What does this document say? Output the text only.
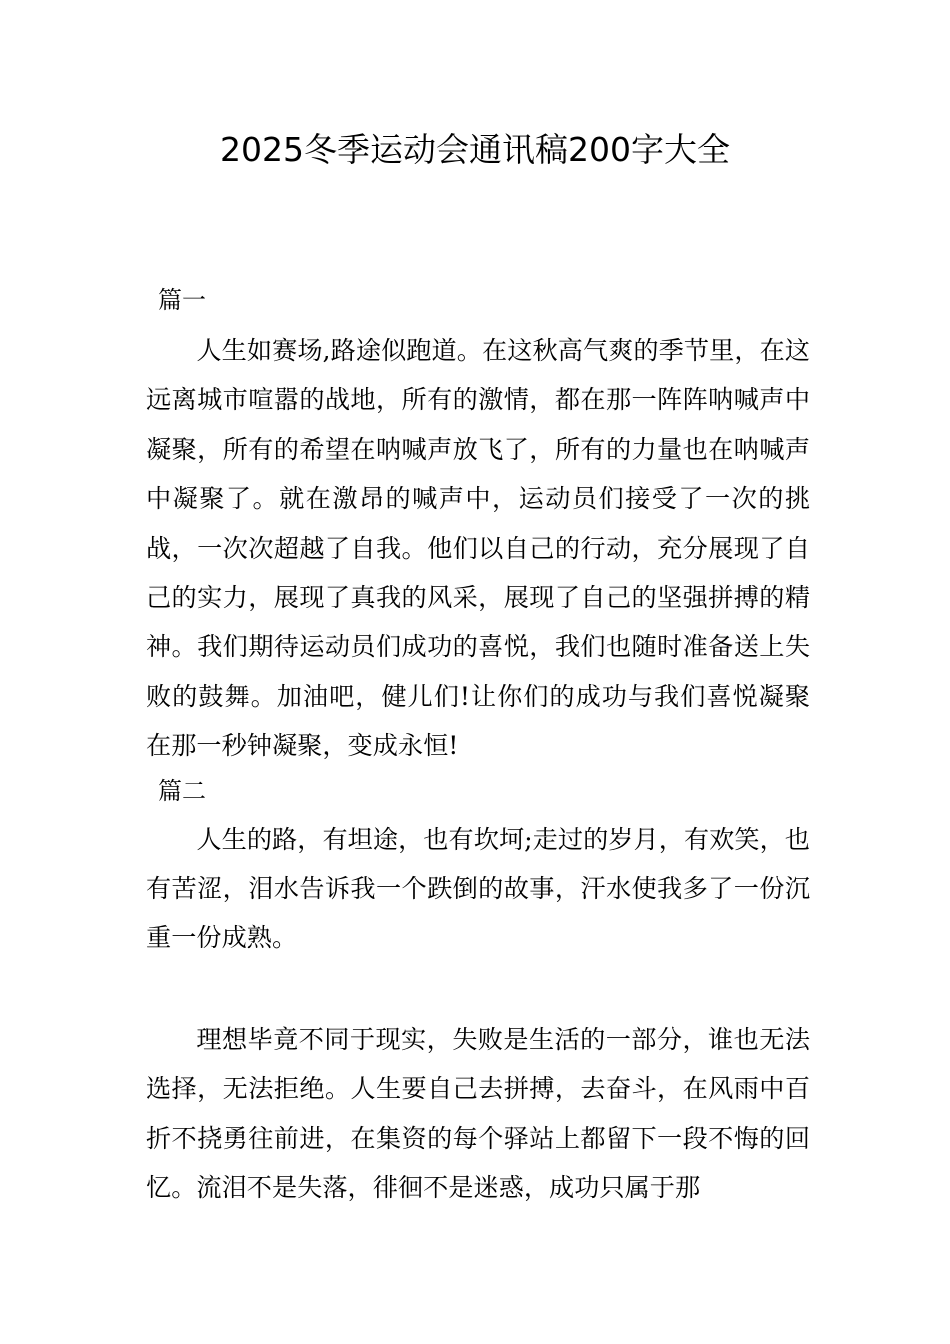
2025冬季运动会通讯稿200字大全

篇一

人生如赛场,路途似跑道。在这秋高气爽的季节里，在这远离城市喧嚣的战地，所有的激情，都在那一阵阵呐喊声中凝聚，所有的希望在呐喊声放飞了，所有的力量也在呐喊声中凝聚了。就在激昂的喊声中，运动员们接受了一次的挑战，一次次超越了自我。他们以自己的行动，充分展现了自己的实力，展现了真我的风采，展现了自己的坚强拼搏的精神。我们期待运动员们成功的喜悦，我们也随时准备送上失败的鼓舞。加油吧，健儿们!让你们的成功与我们喜悦凝聚在那一秒钟凝聚，变成永恒!

篇二

人生的路，有坦途，也有坎坷;走过的岁月，有欢笑，也有苦涩，泪水告诉我一个跌倒的故事，汗水使我多了一份沉重一份成熟。

理想毕竟不同于现实，失败是生活的一部分，谁也无法选择，无法拒绝。人生要自己去拼搏，去奋斗，在风雨中百折不挠勇往前进，在集资的每个驿站上都留下一段不悔的回忆。流泪不是失落，徘徊不是迷惑，成功只属于那
